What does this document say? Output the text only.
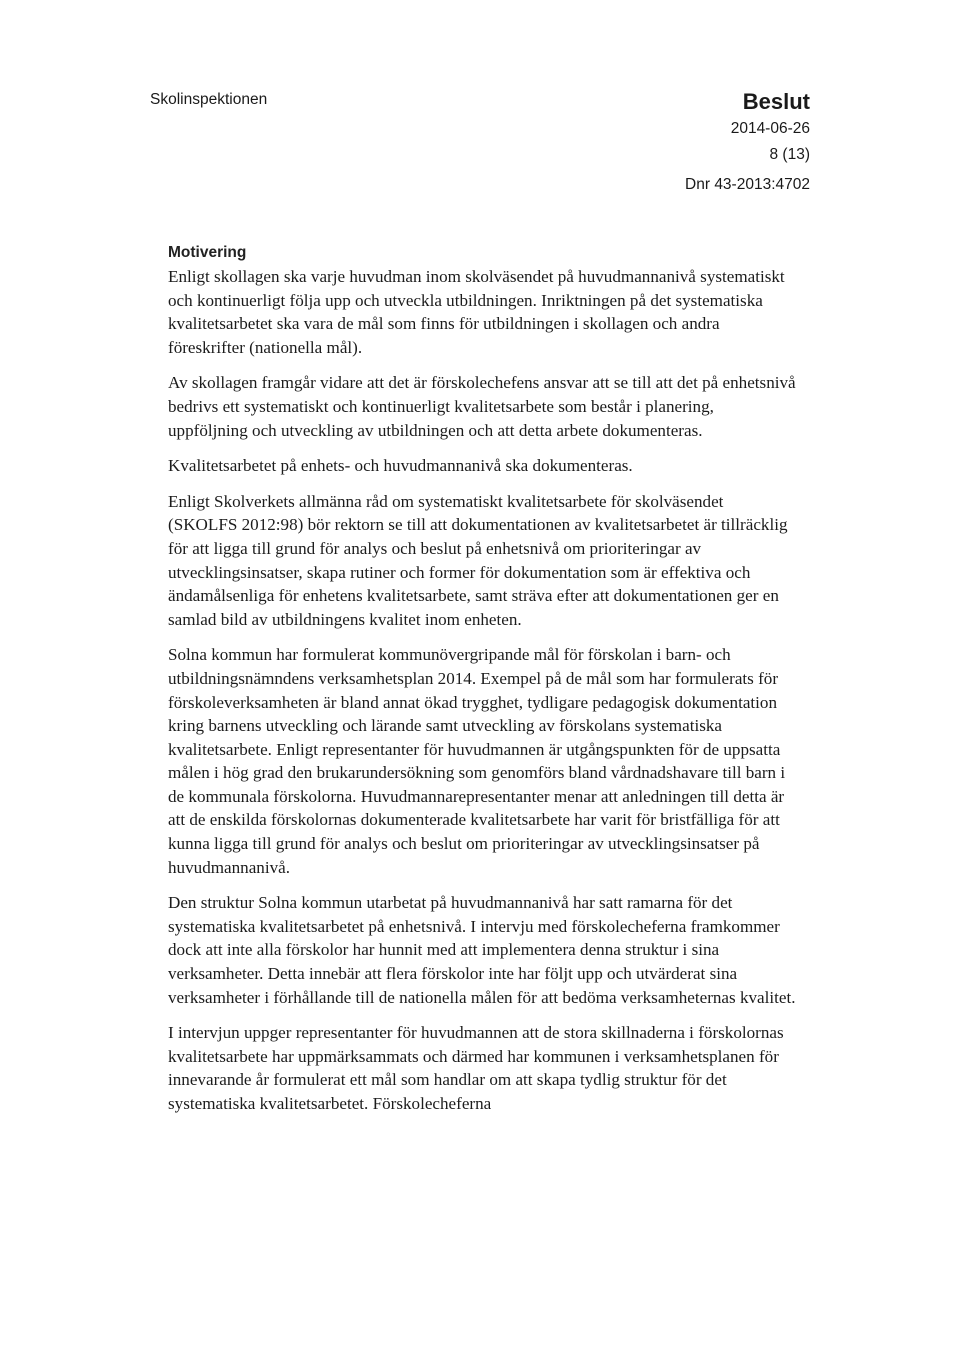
Skolinspektionen	Beslut
2014-06-26
8 (13)
Dnr 43-2013:4702
Motivering

Enligt skollagen ska varje huvudman inom skolväsendet på huvudmannanivå systematiskt och kontinuerligt följa upp och utveckla utbildningen. Inriktningen på det systematiska kvalitetsarbetet ska vara de mål som finns för utbildningen i skollagen och andra föreskrifter (nationella mål).

Av skollagen framgår vidare att det är förskolechefens ansvar att se till att det på enhetsnivå bedrivs ett systematiskt och kontinuerligt kvalitetsarbete som består i planering, uppföljning och utveckling av utbildningen och att detta arbete dokumenteras.

Kvalitetsarbetet på enhets- och huvudmannanivå ska dokumenteras.

Enligt Skolverkets allmänna råd om systematiskt kvalitetsarbete för skolväsendet (SKOLFS 2012:98) bör rektorn se till att dokumentationen av kvalitetsarbetet är tillräcklig för att ligga till grund för analys och beslut på enhetsnivå om prioriteringar av utvecklingsinsatser, skapa rutiner och former för dokumentation som är effektiva och ändamålsenliga för enhetens kvalitetsarbete, samt sträva efter att dokumentationen ger en samlad bild av utbildningens kvalitet inom enheten.

Solna kommun har formulerat kommunövergripande mål för förskolan i barn- och utbildningsnämndens verksamhetsplan 2014. Exempel på de mål som har formulerats för förskoleverksamheten är bland annat ökad trygghet, tydligare pedagogisk dokumentation kring barnens utveckling och lärande samt utveckling av förskolans systematiska kvalitetsarbete. Enligt representanter för huvudmannen är utgångspunkten för de uppsatta målen i hög grad den brukarundersökning som genomförs bland vårdnadshavare till barn i de kommunala förskolorna. Huvudmannarepresentanter menar att anledningen till detta är att de enskilda förskolornas dokumenterade kvalitetsarbete har varit för bristfälliga för att kunna ligga till grund för analys och beslut om prioriteringar av utvecklingsinsatser på huvudmannanivå.

Den struktur Solna kommun utarbetat på huvudmannanivå har satt ramarna för det systematiska kvalitetsarbetet på enhetsnivå. I intervju med förskolecheferna framkommer dock att inte alla förskolor har hunnit med att implementera denna struktur i sina verksamheter. Detta innebär att flera förskolor inte har följt upp och utvärderat sina verksamheter i förhållande till de nationella målen för att bedöma verksamheternas kvalitet.

I intervjun uppger representanter för huvudmannen att de stora skillnaderna i förskolornas kvalitetsarbete har uppmärksammats och därmed har kommunen i verksamhetsplanen för innevarande år formulerat ett mål som handlar om att skapa tydlig struktur för det systematiska kvalitetsarbetet. Förskolecheferna
